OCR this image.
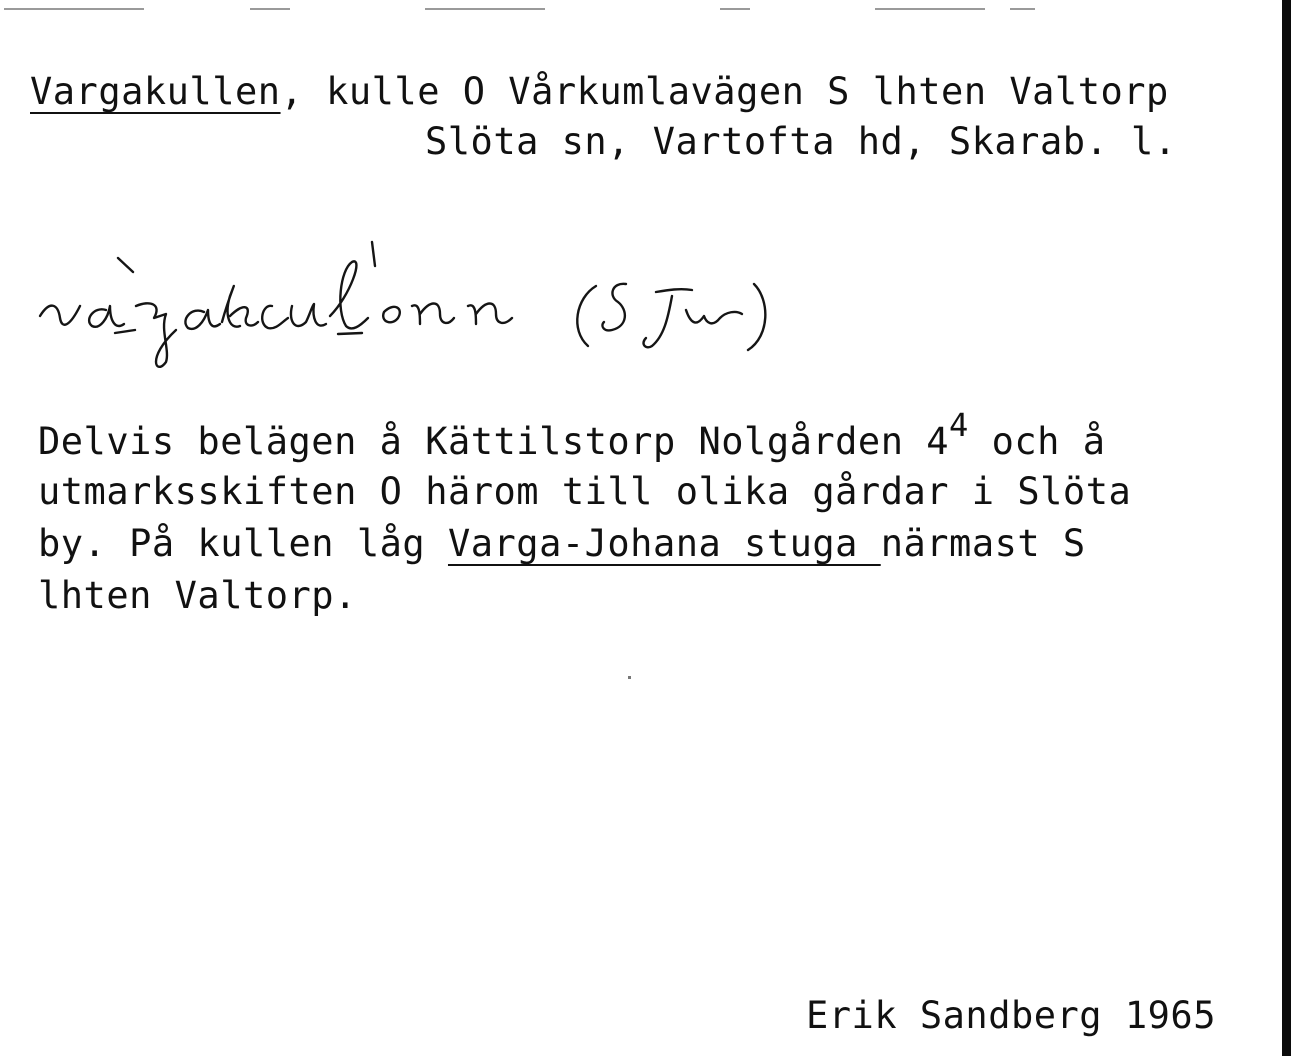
Vargakullen, kulle O Vårkumlavägen S lhten Valtorp
Slöta sn, Vartofta hd, Skarab. l.
Delvis belägen å Kättilstorp Nolgården 44 och å
utmarksskiften O härom till olika gårdar i Slöta
by. På kullen låg Varga-Johana stuga närmast S
lhten Valtorp.
Erik Sandberg 1965
